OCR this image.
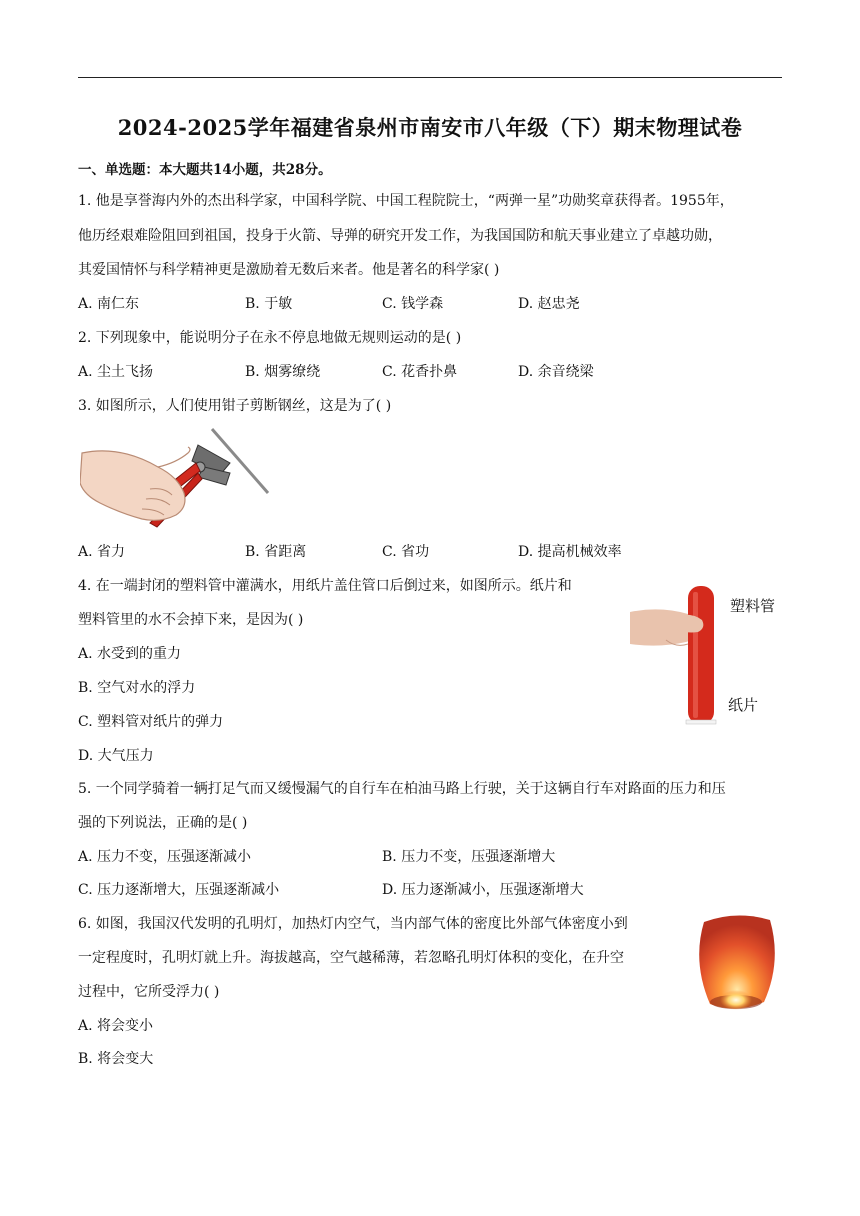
2024-2025学年福建省泉州市南安市八年级（下）期末物理试卷
一、单选题：本大题共14小题，共28分。
1. 他是享誉海内外的杰出科学家，中国科学院、中国工程院院士，“两弹一星”功勋奖章获得者。1955年，
他历经艰难险阻回到祖国，投身于火箭、导弹的研究开发工作，为我国国防和航天事业建立了卓越功勋，
其爱国情怀与科学精神更是激励着无数后来者。他是著名的科学家( )
A. 南仁东	B. 于敏	C. 钱学森	D. 赵忠尧
2. 下列现象中，能说明分子在永不停息地做无规则运动的是( )
A. 尘土飞扬	B. 烟雾缭绕	C. 花香扑鼻	D. 余音绕梁
3. 如图所示，人们使用钳子剪断钢丝，这是为了( )
A. 省力	B. 省距离	C. 省功	D. 提高机械效率
4. 在一端封闭的塑料管中灌满水，用纸片盖住管口后倒过来，如图所示。纸片和
塑料管里的水不会掉下来，是因为( )
A. 水受到的重力
B. 空气对水的浮力
C. 塑料管对纸片的弹力
D. 大气压力
塑料管
纸片
5. 一个同学骑着一辆打足气而又缓慢漏气的自行车在柏油马路上行驶，关于这辆自行车对路面的压力和压
强的下列说法，正确的是( )
A. 压力不变，压强逐渐减小	B. 压力不变，压强逐渐增大
C. 压力逐渐增大，压强逐渐减小	D. 压力逐渐减小，压强逐渐增大
6. 如图，我国汉代发明的孔明灯，加热灯内空气，当内部气体的密度比外部气体密度小到
一定程度时，孔明灯就上升。海拔越高，空气越稀薄，若忽略孔明灯体积的变化，在升空
过程中，它所受浮力( )
A. 将会变小
B. 将会变大
